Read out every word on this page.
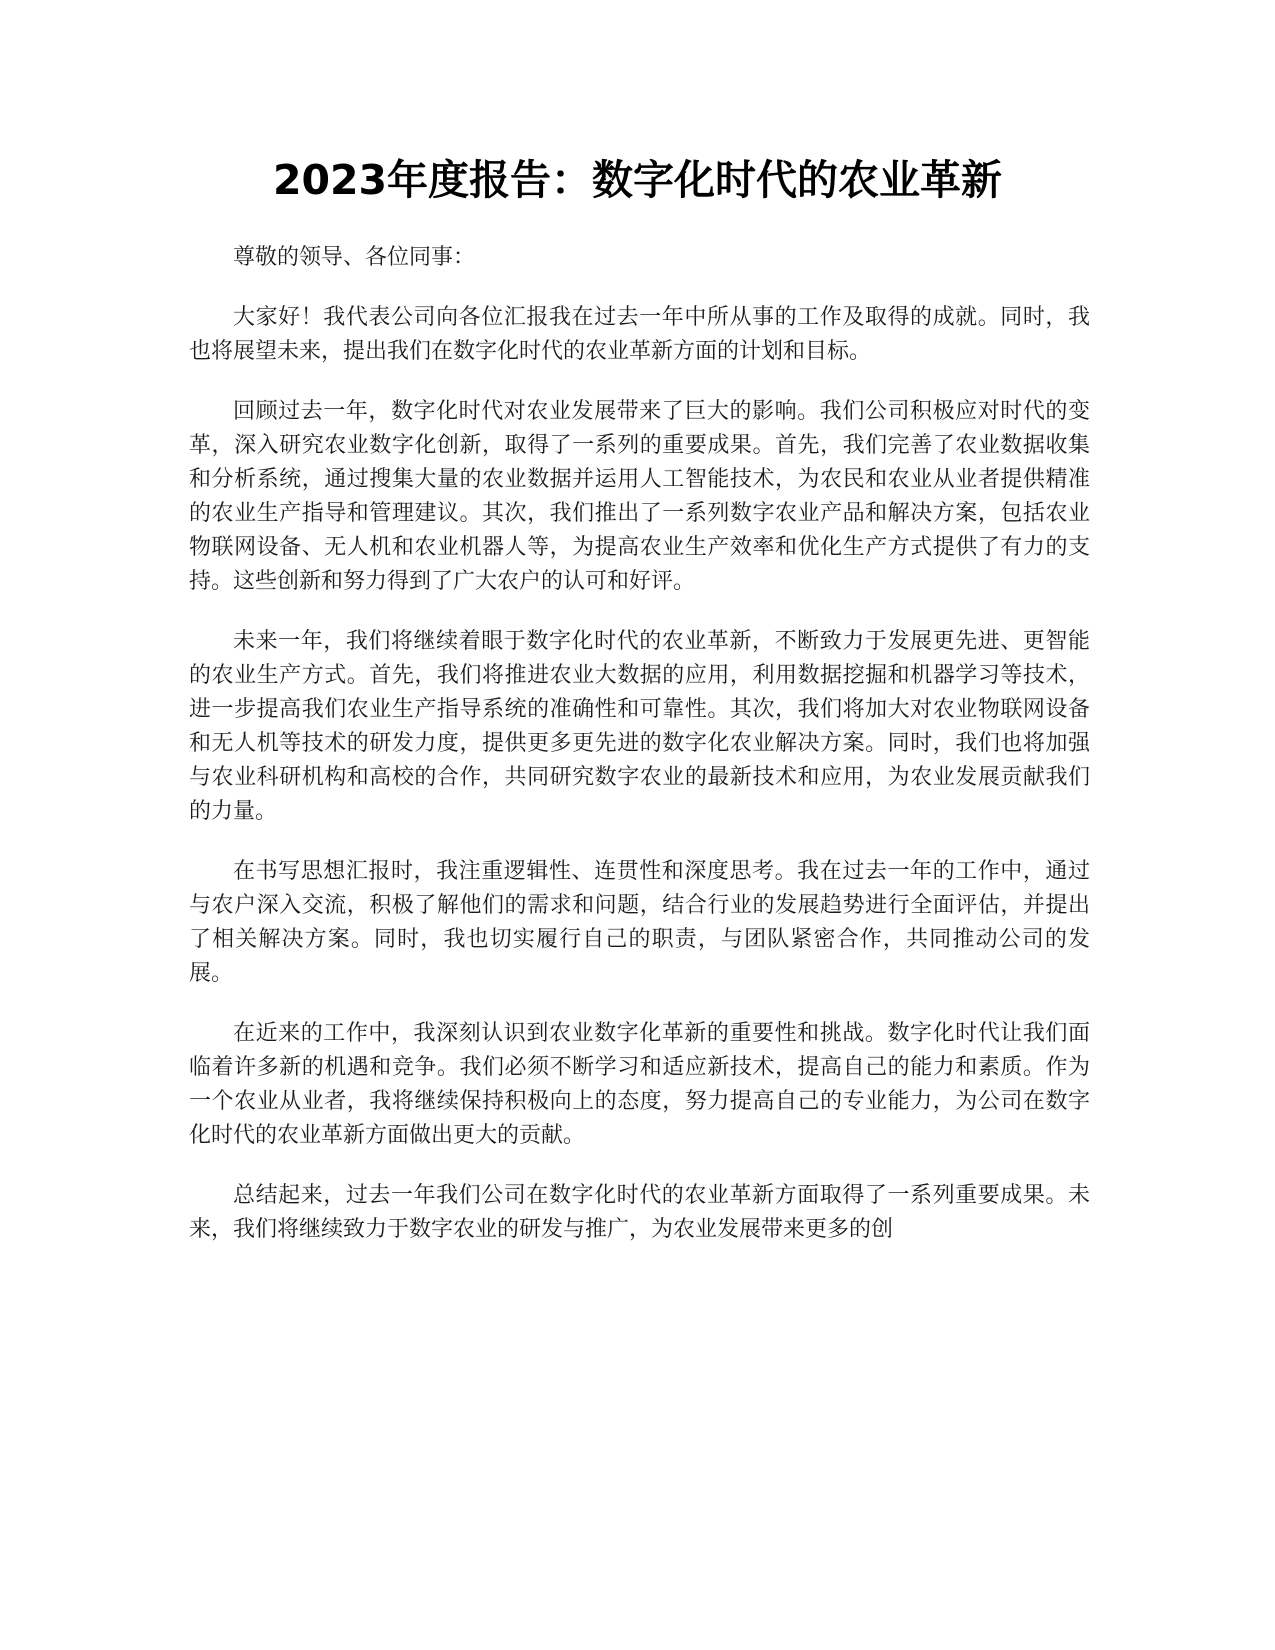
2023年度报告：数字化时代的农业革新

尊敬的领导、各位同事：

大家好！我代表公司向各位汇报我在过去一年中所从事的工作及取得的成就。同时，我也将展望未来，提出我们在数字化时代的农业革新方面的计划和目标。

回顾过去一年，数字化时代对农业发展带来了巨大的影响。我们公司积极应对时代的变革，深入研究农业数字化创新，取得了一系列的重要成果。首先，我们完善了农业数据收集和分析系统，通过搜集大量的农业数据并运用人工智能技术，为农民和农业从业者提供精准的农业生产指导和管理建议。其次，我们推出了一系列数字农业产品和解决方案，包括农业物联网设备、无人机和农业机器人等，为提高农业生产效率和优化生产方式提供了有力的支持。这些创新和努力得到了广大农户的认可和好评。

未来一年，我们将继续着眼于数字化时代的农业革新，不断致力于发展更先进、更智能的农业生产方式。首先，我们将推进农业大数据的应用，利用数据挖掘和机器学习等技术，进一步提高我们农业生产指导系统的准确性和可靠性。其次，我们将加大对农业物联网设备和无人机等技术的研发力度，提供更多更先进的数字化农业解决方案。同时，我们也将加强与农业科研机构和高校的合作，共同研究数字农业的最新技术和应用，为农业发展贡献我们的力量。

在书写思想汇报时，我注重逻辑性、连贯性和深度思考。我在过去一年的工作中，通过与农户深入交流，积极了解他们的需求和问题，结合行业的发展趋势进行全面评估，并提出了相关解决方案。同时，我也切实履行自己的职责，与团队紧密合作，共同推动公司的发展。

在近来的工作中，我深刻认识到农业数字化革新的重要性和挑战。数字化时代让我们面临着许多新的机遇和竞争。我们必须不断学习和适应新技术，提高自己的能力和素质。作为一个农业从业者，我将继续保持积极向上的态度，努力提高自己的专业能力，为公司在数字化时代的农业革新方面做出更大的贡献。

总结起来，过去一年我们公司在数字化时代的农业革新方面取得了一系列重要成果。未来，我们将继续致力于数字农业的研发与推广，为农业发展带来更多的创
